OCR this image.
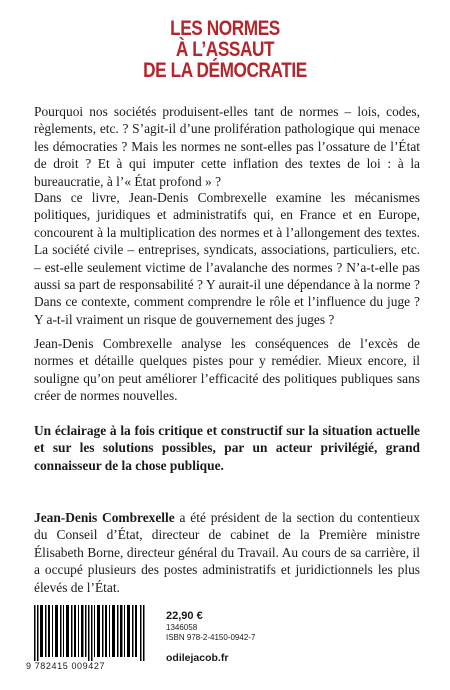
LES NORMES
À L’ASSAUT
DE LA DÉMOCRATIE

Pourquoi nos sociétés produisent-elles tant de normes – lois, codes, règlements, etc. ? S’agit-il d’une prolifération pathologique qui menace les démocraties ? Mais les normes ne sont-elles pas l’ossature de l’État de droit ? Et à qui imputer cette inflation des textes de loi : à la bureaucratie, à l’« État profond » ?

Dans ce livre, Jean-Denis Combrexelle examine les mécanismes politiques, juridiques et administratifs qui, en France et en Europe, concourent à la multiplication des normes et à l’allongement des textes. La société civile – entreprises, syndicats, associations, particuliers, etc. – est-elle seulement victime de l’avalanche des normes ? N’a-t-elle pas aussi sa part de responsabilité ? Y aurait-il une dépendance à la norme ? Dans ce contexte, comment comprendre le rôle et l’influence du juge ? Y a-t-il vraiment un risque de gouvernement des juges ?

Jean-Denis Combrexelle analyse les conséquences de l’excès de normes et détaille quelques pistes pour y remédier. Mieux encore, il souligne qu’on peut améliorer l’efficacité des politiques publiques sans créer de normes nouvelles.

Un éclairage à la fois critique et constructif sur la situation actuelle et sur les solutions possibles, par un acteur privilégié, grand connaisseur de la chose publique.

Jean-Denis Combrexelle a été président de la section du contentieux du Conseil d’État, directeur de cabinet de la Première ministre Élisabeth Borne, directeur général du Travail. Au cours de sa carrière, il a occupé plusieurs des postes administratifs et juridictionnels les plus élevés de l’État.

9 782415 009427
22,90 €
1346058
ISBN 978-2-4150-0942-7
odilejacob.fr
